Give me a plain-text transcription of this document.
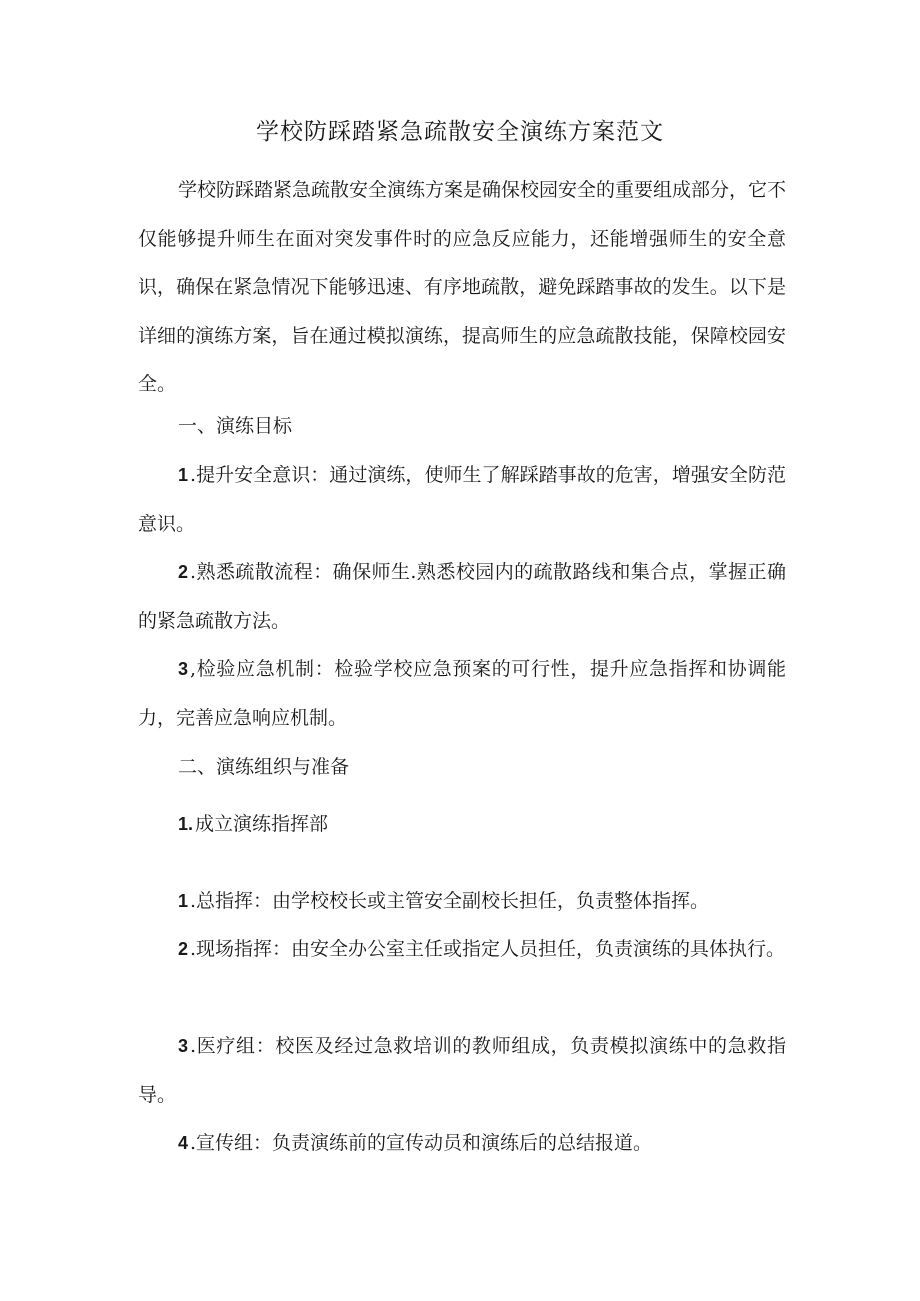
学校防踩踏紧急疏散安全演练方案范文

学校防踩踏紧急疏散安全演练方案是确保校园安全的重要组成部分，它不仅能够提升师生在面对突发事件时的应急反应能力，还能增强师生的安全意识，确保在紧急情况下能够迅速、有序地疏散，避免踩踏事故的发生。以下是详细的演练方案，旨在通过模拟演练，提高师生的应急疏散技能，保障校园安全。

一、演练目标

1 .提升安全意识：通过演练，使师生了解踩踏事故的危害，增强安全防范意识。

2 .熟悉疏散流程：确保师生.熟悉校园内的疏散路线和集合点，掌握正确的紧急疏散方法。

3 ,检验应急机制：检验学校应急预案的可行性，提升应急指挥和协调能力，完善应急响应机制。

二、演练组织与准备

1. 成立演练指挥部

1 .总指挥：由学校校长或主管安全副校长担任，负责整体指挥。

2 .现场指挥：由安全办公室主任或指定人员担任，负责演练的具体执行。

3 .医疗组：校医及经过急救培训的教师组成，负责模拟演练中的急救指导。

4 .宣传组：负责演练前的宣传动员和演练后的总结报道。
